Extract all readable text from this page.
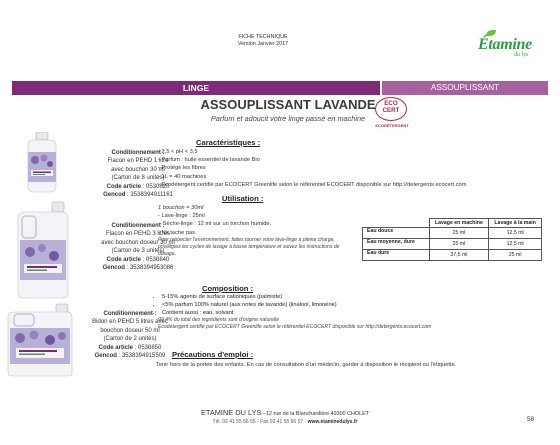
FICHE TECHNIQUE
Version Janvier 2017	Étamine
du lys
LINGE	ASSOUPLISSANT
ASSOUPLISSANT LAVANDE
Parfum et adoucit votre linge passé en machine
ECO
CERT
ECODÉTERGENT
Conditionnement :
Flacon en PEHD 1 litre
avec bouchon 30 ml
(Carton de 8 unités)
Code article : 0530820
Gencod : 3538394911161
Conditionnement :
Flacon en PEHD 3 litres
avec bouchon doseur 30 ml
(Carton de 3 unités)
Code article : 0530840
Gencod : 3538394953086
Conditionnement :
Bidon en PEHD 5 litres avec
bouchon doseur 50 ml
(Carton de 2 unités)
Code article : 0530850
Gencod : 3538394915509
Caractéristiques :
- 2,5 < pH < 3,5
- Parfum : huile essentiel de lavande Bio
- Protège les fibres
- 1L = 40 machines
- Ecodétergent certifié par ECOCERT Greenlife selon le référentiel ECOCERT disponible sur http://detergents.ecocert.com
Utilisation :
1 bouchon = 30ml
- Lave-linge : 25ml
– Sèche-linge : 12 ml sur un torchon humide.
- Ne tache pas.
Pour respecter l'environnement, faites tourner votre lave-linge à pleine charge, privilégiez les cycles de lavage à basse température et suivez les instructions de dosage.
	Lavage en machine	Lavage à la main
Eau douce	25 ml	12,5 ml
Eau moyenne, dure	25 ml	12,5 ml
Eau dure	37,5 ml	25 ml
Composition :
• 5-15% agents de surface cationiques (palmiste)
• <5% parfum 100% naturel (aux notes de lavande) (linalool, limonène)
• Contient aussi : eau, solvant
99,4% du total des ingrédients sont d'origine naturelle
Ecodétergent certifié par ECOCERT Greenlife selon le référentiel ECOCERT disponible sur http://detergents.ecocert.com
Précautions d'emploi :
Tenir hors de la portée des enfants. En cas de consultation d'un médecin, garder à disposition le récipient ou l'étiquette.
ETAMINE DU LYS –12 rue de la Blanchardière 49300 CHOLET
Tél. 02 41 55 66 65 - Fax 02 41 55 66 57 - www.etaminedulys.fr	58
